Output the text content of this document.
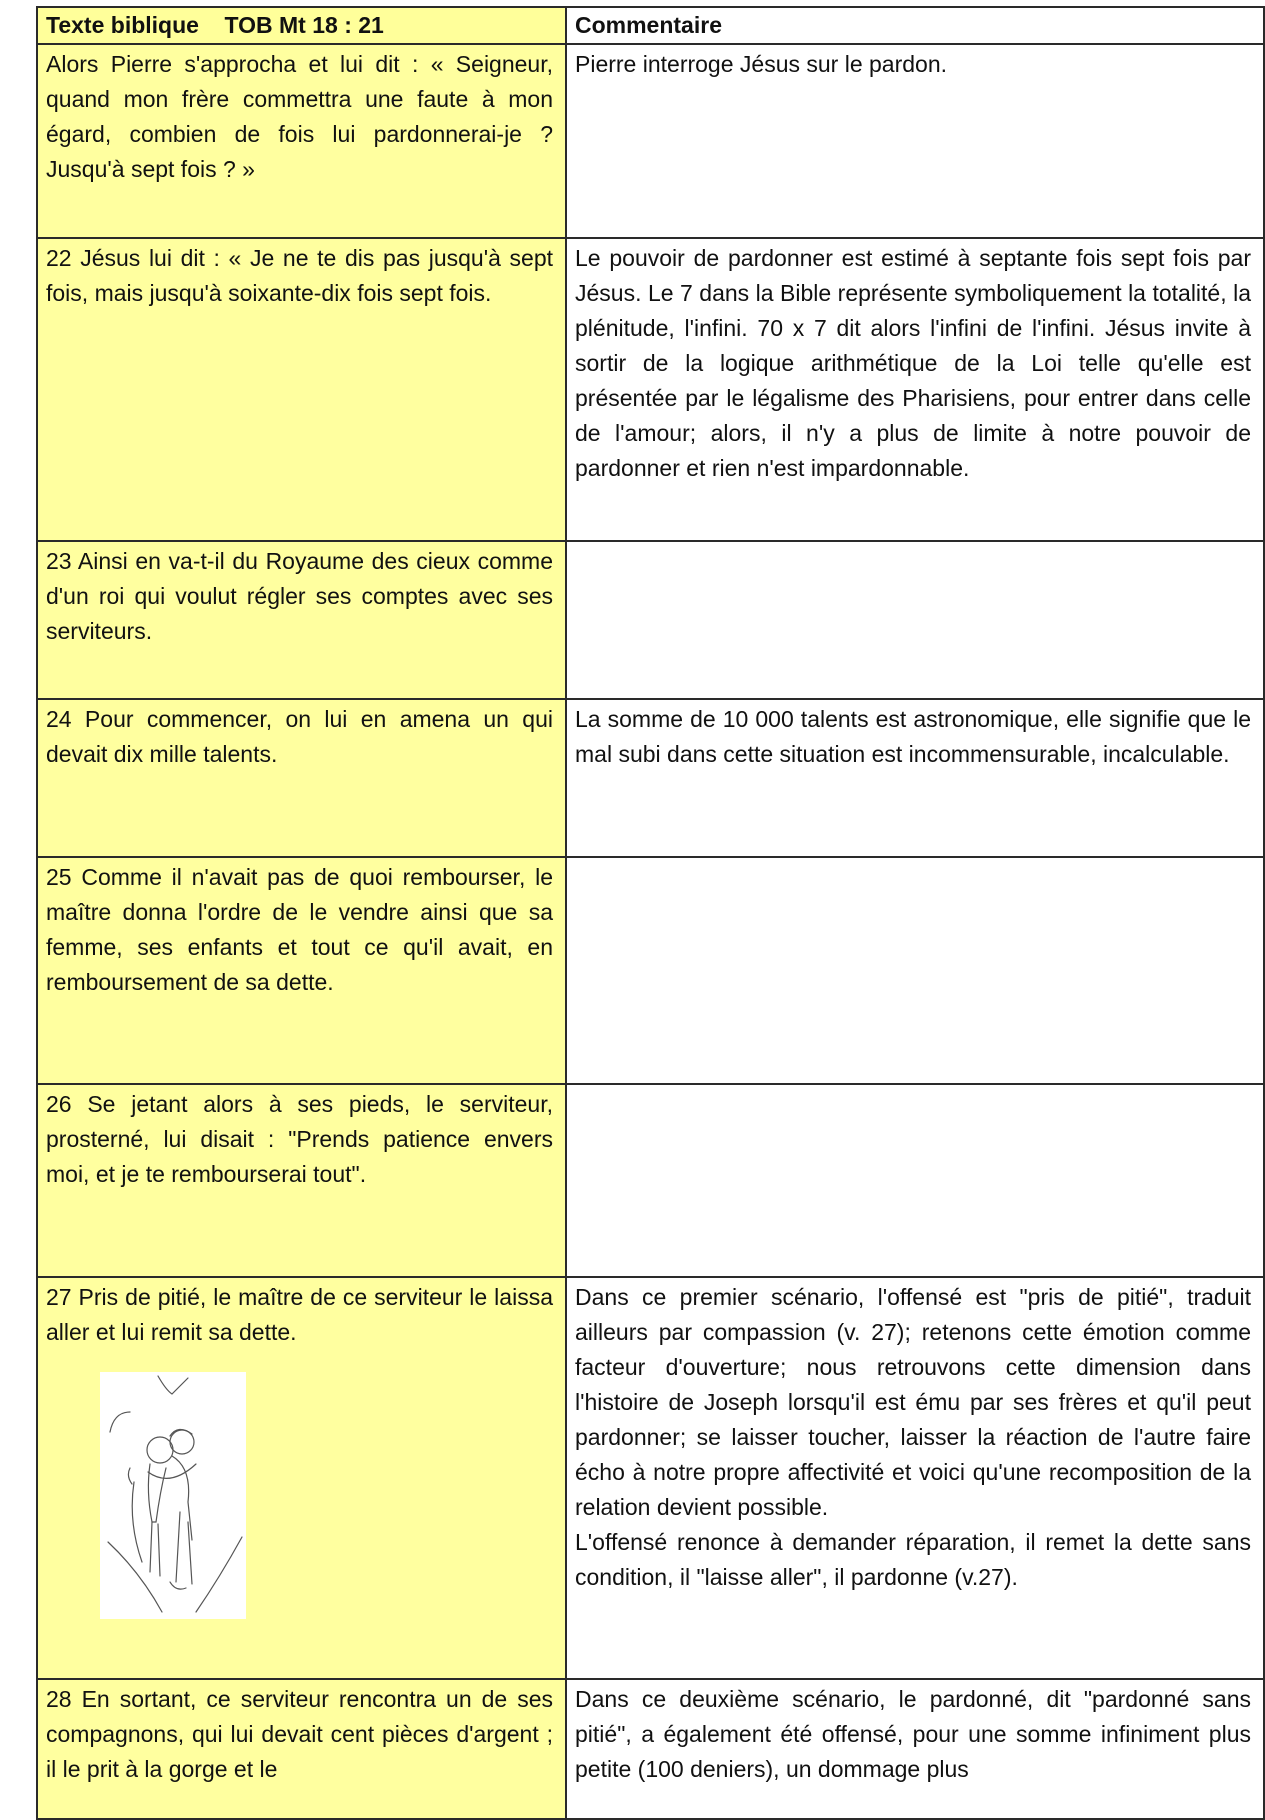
Texte biblique    TOB Mt 18 : 21	Commentaire
Alors Pierre s'approcha et lui dit : « Seigneur, quand mon frère commettra une faute à mon égard, combien de fois lui pardonnerai-je ? Jusqu'à sept fois ? »	Pierre interroge Jésus sur le pardon.
22 Jésus lui dit : « Je ne te dis pas jusqu'à sept fois, mais jusqu'à soixante-dix fois sept fois.	Le pouvoir de pardonner est estimé à septante fois sept fois par Jésus. Le 7 dans la Bible représente symboliquement la totalité, la plénitude, l'infini. 70 x 7 dit alors l'infini de l'infini. Jésus invite à sortir de la logique arithmétique de la Loi telle qu'elle est présentée par le légalisme des Pharisiens, pour entrer dans celle de l'amour; alors, il n'y a plus de limite à notre pouvoir de pardonner et rien n'est impardonnable.
23 Ainsi en va-t-il du Royaume des cieux comme d'un roi qui voulut régler ses comptes avec ses serviteurs.	
24 Pour commencer, on lui en amena un qui devait dix mille talents.	La somme de 10 000 talents est astronomique, elle signifie que le mal subi dans cette situation est incommensurable, incalculable.
25 Comme il n'avait pas de quoi rembourser, le maître donna l'ordre de le vendre ainsi que sa femme, ses enfants et tout ce qu'il avait, en remboursement de sa dette.	
26 Se jetant alors à ses pieds, le serviteur, prosterné, lui disait : "Prends patience envers moi, et je te rembourserai tout".	

27 Pris de pitié, le maître de ce serviteur le laissa aller et lui remit sa dette.	Dans ce premier scénario, l'offensé est "pris de pitié", traduit ailleurs par compassion (v. 27); retenons cette émotion comme facteur d'ouverture; nous retrouvons cette dimension dans l'histoire de Joseph lorsqu'il est ému par ses frères et qu'il peut pardonner; se laisser toucher, laisser la réaction de l'autre faire écho à notre propre affectivité et voici qu'une recomposition de la relation devient possible.

L'offensé renonce à demander réparation, il remet la dette sans condition, il "laisse aller", il pardonne (v.27).

28 En sortant, ce serviteur rencontra un de ses compagnons, qui lui devait cent pièces d'argent ; il le prit à la gorge et le	Dans ce deuxième scénario, le pardonné, dit "pardonné sans pitié", a également été offensé, pour une somme infiniment plus petite (100 deniers), un dommage plus
